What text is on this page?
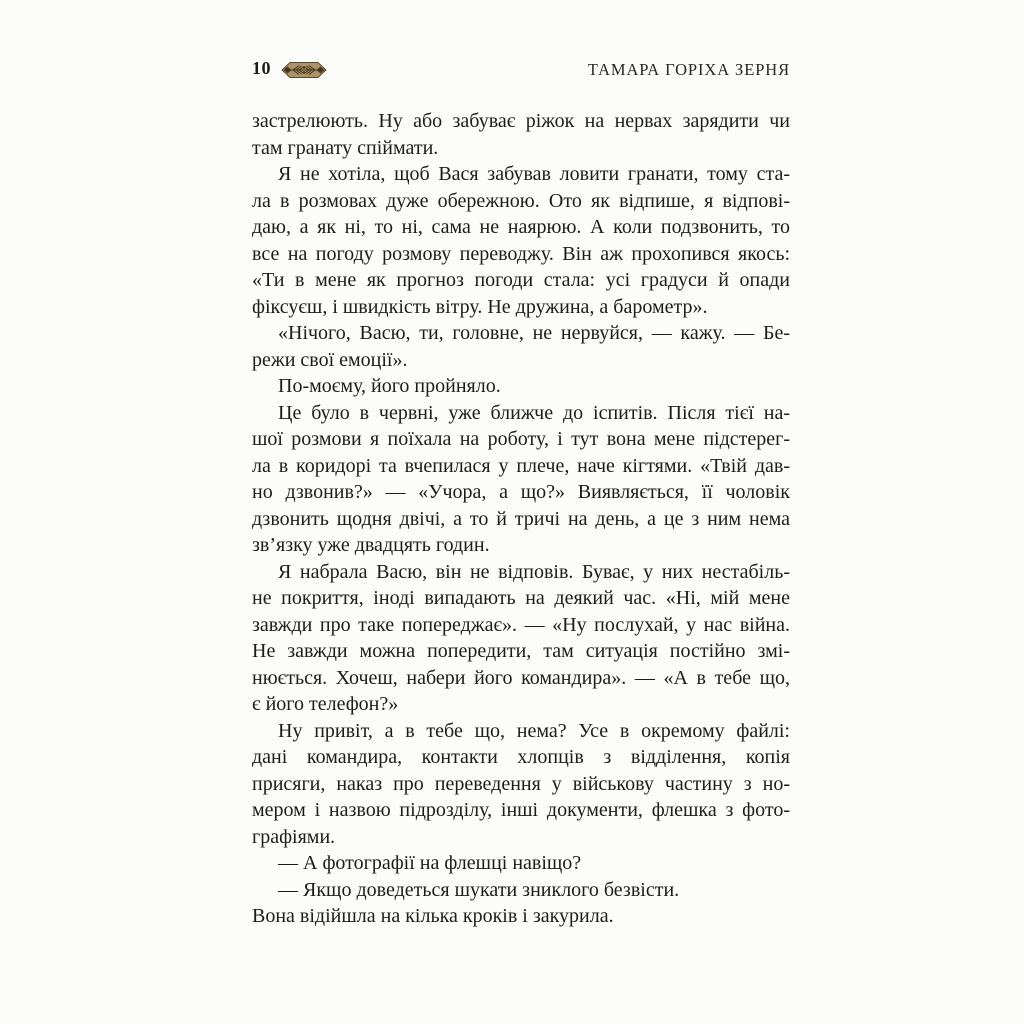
10	ТАМАРА ГОРІХА ЗЕРНЯ
застрелюють. Ну або забуває ріжок на нервах зарядити чи
там гранату спіймати.
Я не хотіла, щоб Вася забував ловити гранати, тому ста-
ла в розмовах дуже обережною. Ото як відпише, я відпові-
даю, а як ні, то ні, сама не наярюю. А коли подзвонить, то
все на погоду розмову переводжу. Він аж прохопився якось:
«Ти в мене як прогноз погоди стала: усі градуси й опади
фіксуєш, і швидкість вітру. Не дружина, а барометр».
«Нічого, Васю, ти, головне, не нервуйся, — кажу. — Бе-
режи свої емоції».
По-моєму, його пройняло.
Це було в червні, уже ближче до іспитів. Після тієї на-
шої розмови я поїхала на роботу, і тут вона мене підстерег-
ла в коридорі та вчепилася у плече, наче кігтями. «Твій дав-
но дзвонив?» — «Учора, а що?» Виявляється, її чоловік
дзвонить щодня двічі, а то й тричі на день, а це з ним нема
зв’язку уже двадцять годин.
Я набрала Васю, він не відповів. Буває, у них нестабіль-
не покриття, іноді випадають на деякий час. «Ні, мій мене
завжди про таке попереджає». — «Ну послухай, у нас війна.
Не завжди можна попередити, там ситуація постійно змі-
нюється. Хочеш, набери його командира». — «А в тебе що,
є його телефон?»
Ну привіт, а в тебе що, нема? Усе в окремому файлі:
дані командира, контакти хлопців з відділення, копія
присяги, наказ про переведення у військову частину з но-
мером і назвою підрозділу, інші документи, флешка з фото-
графіями.
— А фотографії на флешці навіщо?
— Якщо доведеться шукати зниклого безвісти.
Вона відійшла на кілька кроків і закурила.
